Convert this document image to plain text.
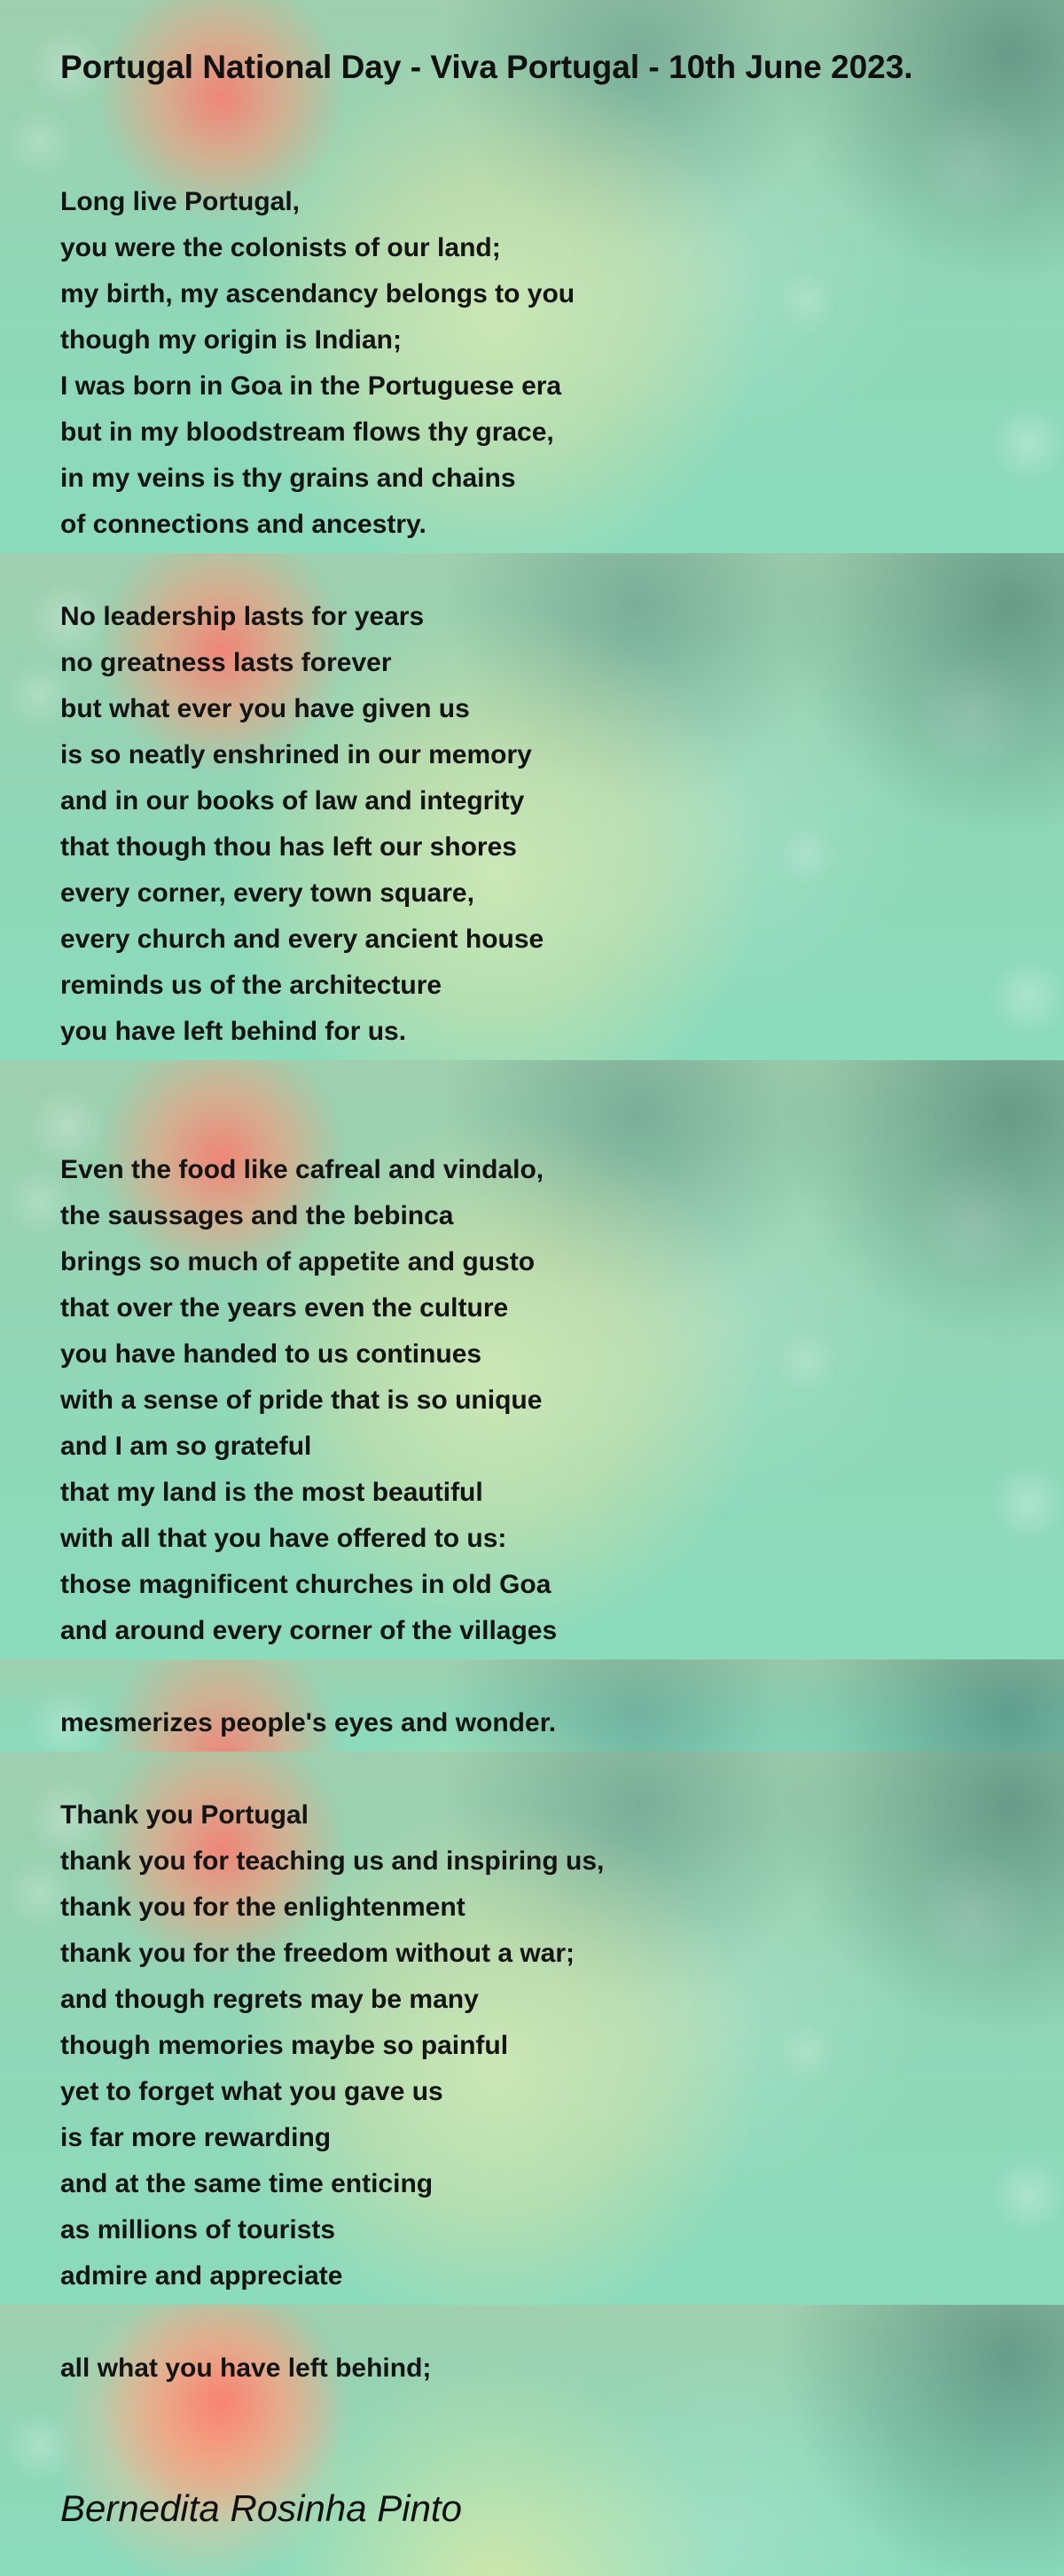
Portugal National Day - Viva Portugal - 10th June 2023.
Long live Portugal,
you were the colonists of our land;
my birth, my ascendancy belongs to you
though my origin is Indian;
I was born in Goa in the Portuguese era
but in my bloodstream flows thy grace,
in my veins is thy grains and chains
of connections and ancestry.
No leadership lasts for years
no greatness lasts forever
but what ever you have given us
is so neatly enshrined in our memory
and in our books of law and integrity
that though thou has left our shores
every corner, every town square,
every church and every ancient house
reminds us of the architecture
you have left behind for us.
Even the food like cafreal and vindalo,
the saussages and the bebinca
brings so much of appetite and gusto
that over the years even the culture
you have handed to us continues
with a sense of pride that is so unique
and I am so grateful
that my land is the most beautiful
with all that you have offered to us:
those magnificent churches in old Goa
and around every corner of the villages
mesmerizes people's eyes and wonder.
Thank you Portugal
thank you for teaching us and inspiring us,
thank you for the enlightenment
thank you for the freedom without a war;
and though regrets may be many
though memories maybe so painful
yet to forget what you gave us
is far more rewarding
and at the same time enticing
as millions of tourists
admire and appreciate
all what you have left behind;

Bernedita Rosinha Pinto
